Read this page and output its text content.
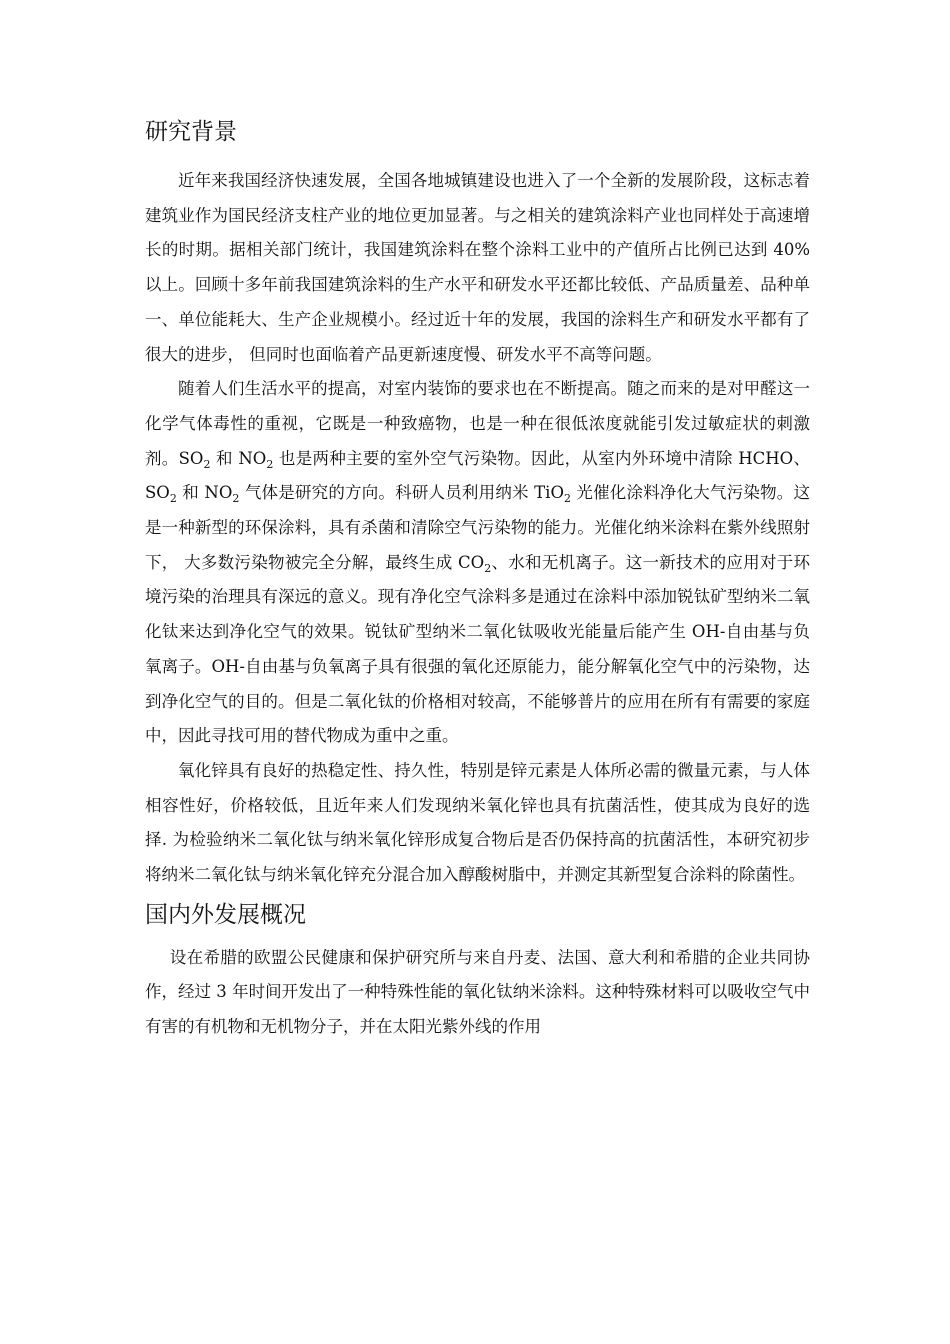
研究背景

近年来我国经济快速发展，全国各地城镇建设也进入了一个全新的发展阶段，这标志着建筑业作为国民经济支柱产业的地位更加显著。与之相关的建筑涂料产业也同样处于高速增长的时期。据相关部门统计，我国建筑涂料在整个涂料工业中的产值所占比例已达到 40%以上。回顾十多年前我国建筑涂料的生产水平和研发水平还都比较低、产品质量差、品种单一、单位能耗大、生产企业规模小。经过近十年的发展，我国的涂料生产和研发水平都有了很大的进步， 但同时也面临着产品更新速度慢、研发水平不高等问题。

随着人们生活水平的提高，对室内装饰的要求也在不断提高。随之而来的是对甲醛这一化学气体毒性的重视，它既是一种致癌物，也是一种在很低浓度就能引发过敏症状的刺激剂。$SO_2$ 和 $NO_2$ 也是两种主要的室外空气污染物。因此，从室内外环境中清除 HCHO、$SO_2$ 和 $NO_2$ 气体是研究的方向。科研人员利用纳米 TiO$_2$ 光催化涂料净化大气污染物。这是一种新型的环保涂料，具有杀菌和清除空气污染物的能力。光催化纳米涂料在紫外线照射下， 大多数污染物被完全分解，最终生成 $CO_2$、水和无机离子。这一新技术的应用对于环境污染的治理具有深远的意义。现有净化空气涂料多是通过在涂料中添加锐钛矿型纳米二氧化钛来达到净化空气的效果。锐钛矿型纳米二氧化钛吸收光能量后能产生 OH-自由基与负氧离子。OH-自由基与负氧离子具有很强的氧化还原能力，能分解氧化空气中的污染物，达到净化空气的目的。但是二氧化钛的价格相对较高，不能够普片的应用在所有有需要的家庭中，因此寻找可用的替代物成为重中之重。

氧化锌具有良好的热稳定性、持久性，特别是锌元素是人体所必需的微量元素，与人体相容性好，价格较低，且近年来人们发现纳米氧化锌也具有抗菌活性，使其成为良好的选择. 为检验纳米二氧化钛与纳米氧化锌形成复合物后是否仍保持高的抗菌活性，本研究初步将纳米二氧化钛与纳米氧化锌充分混合加入醇酸树脂中，并测定其新型复合涂料的除菌性。

国内外发展概况

设在希腊的欧盟公民健康和保护研究所与来自丹麦、法国、意大利和希腊的企业共同协作，经过 3 年时间开发出了一种特殊性能的氧化钛纳米涂料。这种特殊材料可以吸收空气中有害的有机物和无机物分子，并在太阳光紫外线的作用
